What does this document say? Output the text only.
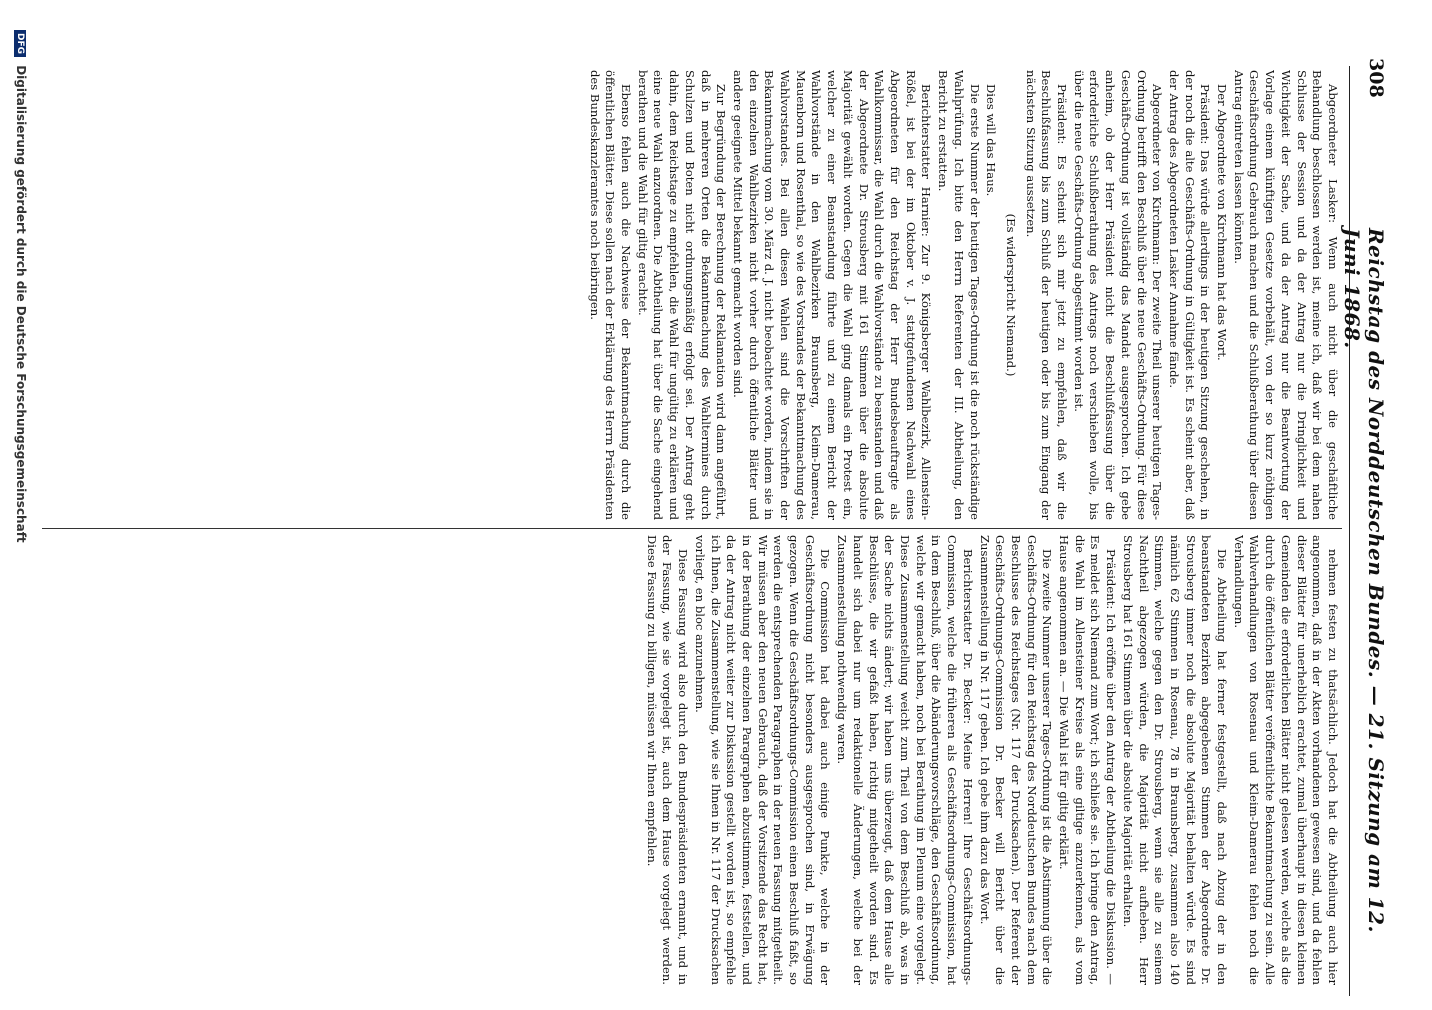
308
Reichstag des Norddeutschen Bundes. — 21. Sitzung am 12. Juni 1868.

Abgeordneter Lasker: Wenn auch nicht über die geschäftliche Behandlung beschlossen werden ist, meine ich, daß wir bei dem nahen Schlusse der Session und da der Antrag nur die Dringlichkeit und Wichtigkeit der Sache, und da der Antrag nur die Beantwortung der Vorlage einem künftigen Gesetze vorbehält, von der so kurz nöthigen Geschäftsordnung Gebrauch machen und die Schlußberathung über diesen Antrag eintreten lassen könnten.

Der Abgeordnete von Kirchmann hat das Wort.

Präsident: Das würde allerdings in der heutigen Sitzung geschehen, in der noch die alte Geschäfts-Ordnung in Gültigkeit ist. Es scheint aber, daß der Antrag des Abgeordneten Lasker Annahme fände.

Abgeordneter von Kirchmann: Der zweite Theil unserer heutigen Tages-Ordnung betrifft den Beschluß über die neue Geschäfts-Ordnung. Für diese Geschäfts-Ordnung ist vollständig das Mandat ausgesprochen. Ich gebe anheim, ob der Herr Präsident nicht die Beschlußfassung über die erforderliche Schlußberathung des Antrags noch verschieben wolle, bis über die neue Geschäfts-Ordnung abgestimmt worden ist.

Präsident: Es scheint sich mir jetzt zu empfehlen, daß wir die Beschlußfassung bis zum Schluß der heutigen oder bis zum Eingang der nächsten Sitzung aussetzen.

(Es widerspricht Niemand.)

Dies will das Haus.

Die erste Nummer der heutigen Tages-Ordnung ist die noch rückständige Wahlprüfung. Ich bitte den Herrn Referenten der III. Abtheilung, den Bericht zu erstatten.

Berichterstatter Harnier: Zur 9. Königsberger Wahlbezirk, Allenstein-Rößel, ist bei der im Oktober v. J. stattgefundenen Nachwahl eines Abgeordneten für den Reichstag der Herr Bundesbeauftragte als Wahlkommissar, die Wahl durch die Wahlvorstände zu beanstanden und daß der Abgeordnete Dr. Strousberg mit 161 Stimmen über die absolute Majorität gewählt worden. Gegen die Wahl ging damals ein Protest ein, welcher zu einer Beanstandung führte und zu einem Bericht der Wahlvorstände in den Wahlbezirken Braunsberg, Kleim-Damerau, Mauenborn und Rosenthal, so wie des Vorstandes der Bekanntmachung des Wahlvorstandes. Bei allen diesen Wahlen sind die Vorschriften der Bekanntmachung vom 30. März d. J. nicht beobachtet worden, indem sie in den einzelnen Wahlbezirken nicht vorher durch öffentliche Blätter und andere geeignete Mittel bekannt gemacht worden sind.

Zur Begründung der Berechnung der Reklamation wird dann angeführt, daß in mehreren Orten die Bekanntmachung des Wahltermines durch Schulzen und Boten nicht ordnungsmäßig erfolgt sei. Der Antrag geht dahin, dem Reichstage zu empfehlen, die Wahl für ungültig zu erklären und eine neue Wahl anzuordnen. Die Abtheilung hat über die Sache eingehend berathen und die Wahl für giltig erachtet.

Ebenso fehlen auch die Nachweise der Bekanntmachung durch die öffentlichen Blätter. Diese sollen nach der Erklärung des Herrn Präsidenten des Bundeskanzleramtes noch beibringen.

nehmen festen zu thatsächlich. Jedoch hat die Abtheilung auch hier angenommen, daß in der Akten vorhandenen gewesen sind, und da fehlen dieser Blätter für unerheblich erachtet, zumal überhaupt in diesen kleinen Gemeinden die erforderlichen Blätter nicht gelesen werden, welche als die durch die öffentlichen Blätter veröffentlichte Bekanntmachung zu sein. Alle Wahlverhandlungen von Rosenau und Kleim-Damerau fehlen noch die Verhandlungen.

Die Abtheilung hat ferner festgestellt, daß nach Abzug der in den beanstandeten Bezirken abgegebenen Stimmen der Abgeordnete Dr. Strousberg immer noch die absolute Majorität behalten würde. Es sind nämlich 62 Stimmen in Rosenau, 78 in Braunsberg, zusammen also 140 Stimmen, welche gegen den Dr. Strousberg, wenn sie alle zu seinem Nachtheil abgezogen würden, die Majorität nicht aufheben. Herr Strousberg hat 161 Stimmen über die absolute Majorität erhalten.

Präsident: Ich eröffne über den Antrag der Abtheilung die Diskussion. — Es meldet sich Niemand zum Wort; ich schließe sie. Ich bringe den Antrag, die Wahl im Allensteiner Kreise als eine giltige anzuerkennen, als vom Hause angenommen an. — Die Wahl ist für giltig erklärt.

Die zweite Nummer unserer Tages-Ordnung ist die Abstimmung über die Geschäfts-Ordnung für den Reichstag des Norddeutschen Bundes nach dem Beschlusse des Reichstages (Nr. 117 der Drucksachen). Der Referent der Geschäfts-Ordnungs-Commission Dr. Becker will Bericht über die Zusammenstellung in Nr. 117 geben. Ich gebe ihm dazu das Wort.

Berichterstatter Dr. Becker: Meine Herren! Ihre Geschäftsordnungs-Commission, welche die früheren als Geschäftsordnungs-Commission, hat in dem Beschluß, über die Abänderungsvorschläge, den Geschäftsordnung, welche wir gemacht haben, noch bei Berathung im Plenum eine vorgelegt. Diese Zusammenstellung weicht zum Theil von dem Beschluß ab, was in der Sache nichts ändert; wir haben uns überzeugt, daß dem Hause alle Beschlüsse, die wir gefaßt haben, richtig mitgetheilt worden sind. Es handelt sich dabei nur um redaktionelle Änderungen, welche bei der Zusammenstellung nothwendig waren.

Die Commission hat dabei auch einige Punkte, welche in der Geschäftsordnung nicht besonders ausgesprochen sind, in Erwägung gezogen. Wenn die Geschäftsordnungs-Commission einen Beschluß faßt, so werden die entsprechenden Paragraphen in der neuen Fassung mitgetheilt. Wir müssen aber den neuen Gebrauch, daß der Vorsitzende das Recht hat, in der Berathung der einzelnen Paragraphen abzustimmen, feststellen, und da der Antrag nicht weiter zur Diskussion gestellt worden ist, so empfehle ich Ihnen, die Zusammenstellung, wie sie Ihnen in Nr. 117 der Drucksachen vorliegt, en bloc anzunehmen.

Diese Fassung wird also durch den Bundespräsidenten ernannt, und in der Fassung, wie sie vorgelegt ist, auch dem Hause vorgelegt werden. Diese Fassung zu billigen, müssen wir Ihnen empfehlen.

DFG Digitalisierung gefördert durch die Deutsche Forschungsgemeinschaft
